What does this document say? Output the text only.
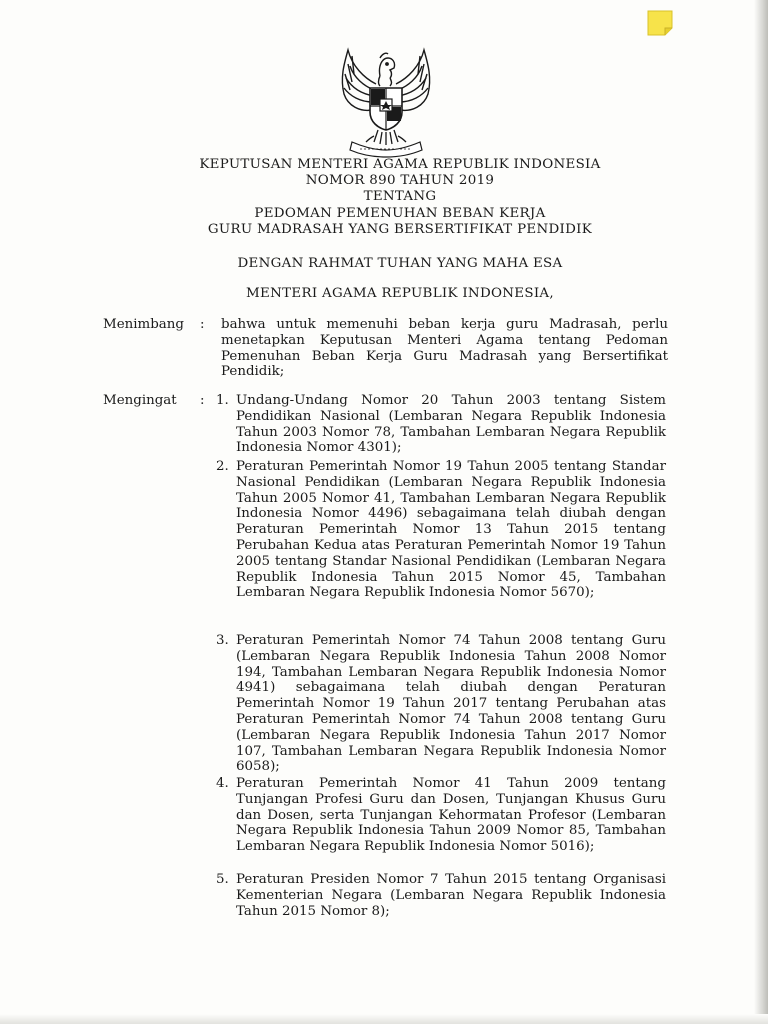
KEPUTUSAN MENTERI AGAMA REPUBLIK INDONESIA
NOMOR 890 TAHUN 2019
TENTANG
PEDOMAN PEMENUHAN BEBAN KERJA
GURU MADRASAH YANG BERSERTIFIKAT PENDIDIK
DENGAN RAHMAT TUHAN YANG MAHA ESA
MENTERI AGAMA REPUBLIK INDONESIA,
Menimbang : bahwa untuk memenuhi beban kerja guru Madrasah, perlu menetapkan Keputusan Menteri Agama tentang Pedoman Pemenuhan Beban Kerja Guru Madrasah yang Bersertifikat Pendidik;
Mengingat : 1. Undang-Undang Nomor 20 Tahun 2003 tentang Sistem Pendidikan Nasional (Lembaran Negara Republik Indonesia Tahun 2003 Nomor 78, Tambahan Lembaran Negara Republik Indonesia Nomor 4301);
2. Peraturan Pemerintah Nomor 19 Tahun 2005 tentang Standar Nasional Pendidikan (Lembaran Negara Republik Indonesia Tahun 2005 Nomor 41, Tambahan Lembaran Negara Republik Indonesia Nomor 4496) sebagaimana telah diubah dengan Peraturan Pemerintah Nomor 13 Tahun 2015 tentang Perubahan Kedua atas Peraturan Pemerintah Nomor 19 Tahun 2005 tentang Standar Nasional Pendidikan (Lembaran Negara Republik Indonesia Tahun 2015 Nomor 45, Tambahan Lembaran Negara Republik Indonesia Nomor 5670);
3. Peraturan Pemerintah Nomor 74 Tahun 2008 tentang Guru (Lembaran Negara Republik Indonesia Tahun 2008 Nomor 194, Tambahan Lembaran Negara Republik Indonesia Nomor 4941) sebagaimana telah diubah dengan Peraturan Pemerintah Nomor 19 Tahun 2017 tentang Perubahan atas Peraturan Pemerintah Nomor 74 Tahun 2008 tentang Guru (Lembaran Negara Republik Indonesia Tahun 2017 Nomor 107, Tambahan Lembaran Negara Republik Indonesia Nomor 6058);
4. Peraturan Pemerintah Nomor 41 Tahun 2009 tentang Tunjangan Profesi Guru dan Dosen, Tunjangan Khusus Guru dan Dosen, serta Tunjangan Kehormatan Profesor (Lembaran Negara Republik Indonesia Tahun 2009 Nomor 85, Tambahan Lembaran Negara Republik Indonesia Nomor 5016);
5. Peraturan Presiden Nomor 7 Tahun 2015 tentang Organisasi Kementerian Negara (Lembaran Negara Republik Indonesia Tahun 2015 Nomor 8);
